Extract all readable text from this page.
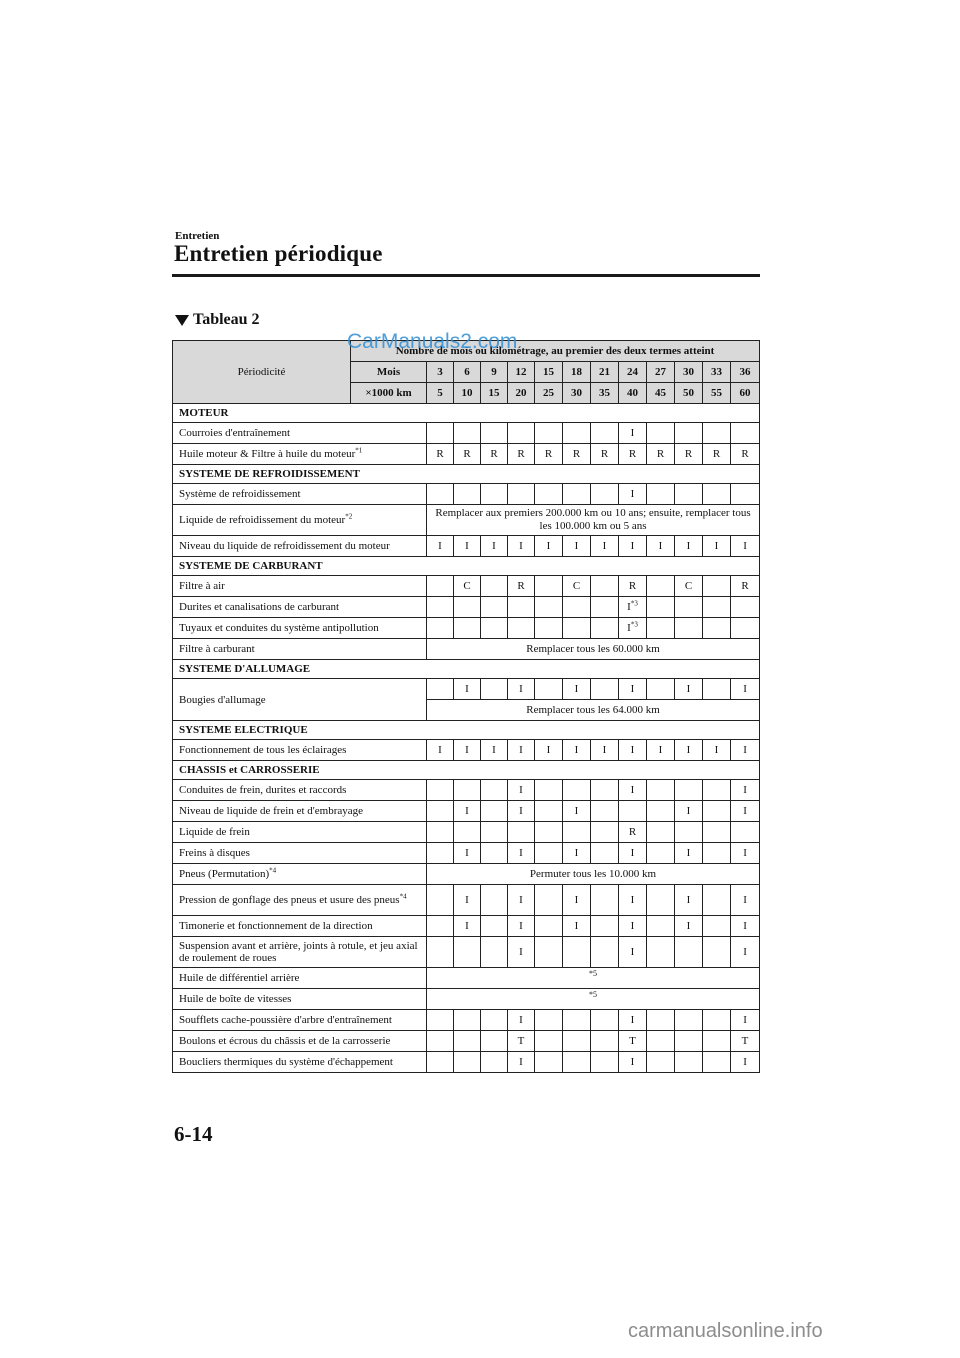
Entretien
Entretien périodique
Tableau 2
Périodicité	Nombre de mois ou kilométrage, au premier des deux termes atteint												
	Mois	3	6	9	12	15	18	21	24	27	30	33	36
	×1000 km	5	10	15	20	25	30	35	40	45	50	55	60
MOTEUR													
Courroies d'entraînement									I				
Huile moteur & Filtre à huile du moteur$^{*1}$		R	R	R	R	R	R	R	R	R	R	R	R
SYSTEME DE REFROIDISSEMENT													
Système de refroidissement									I				
Liquide de refroidissement du moteur$^{*2}$		Remplacer aux premiers 200.000 km ou 10 ans; ensuite, remplacer tous les 100.000 km ou 5 ans											
Niveau du liquide de refroidissement du moteur		I	I	I	I	I	I	I	I	I	I	I	I
SYSTEME DE CARBURANT													
Filtre à air			C		R		C		R		C		R
Durites et canalisations de carburant									$I^{*3}$				
Tuyaux et conduites du système antipollution									$I^{*3}$				
Filtre à carburant		Remplacer tous les 60.000 km											
SYSTEME D'ALLUMAGE													
Bougies d'allumage			I		I		I		I		I		I
		Remplacer tous les 64.000 km											
SYSTEME ELECTRIQUE													
Fonctionnement de tous les éclairages		I	I	I	I	I	I	I	I	I	I	I	I
CHASSIS et CARROSSERIE													
Conduites de frein, durites et raccords					I				I				I
Niveau de liquide de frein et d'embrayage			I		I		I				I		I
Liquide de frein									R				
Freins à disques			I		I		I		I		I		I
Pneus (Permutation)$^{*4}$		Permuter tous les 10.000 km											
Pression de gonflage des pneus et usure des pneus$^{*4}$			I		I		I		I		I		I
Timonerie et fonctionnement de la direction			I		I		I		I		I		I
Suspension avant et arrière, joints à rotule, et jeu axial de roulement de roues					I				I				I
Huile de différentiel arrière		*5											
Huile de boîte de vitesses		*5											
Soufflets cache-poussière d'arbre d'entraînement					I				I				I
Boulons et écrous du châssis et de la carrosserie					T				T				T
Boucliers thermiques du système d'échappement					I				I				I
CarManuals2.com
6-14
carmanualsonline.info
